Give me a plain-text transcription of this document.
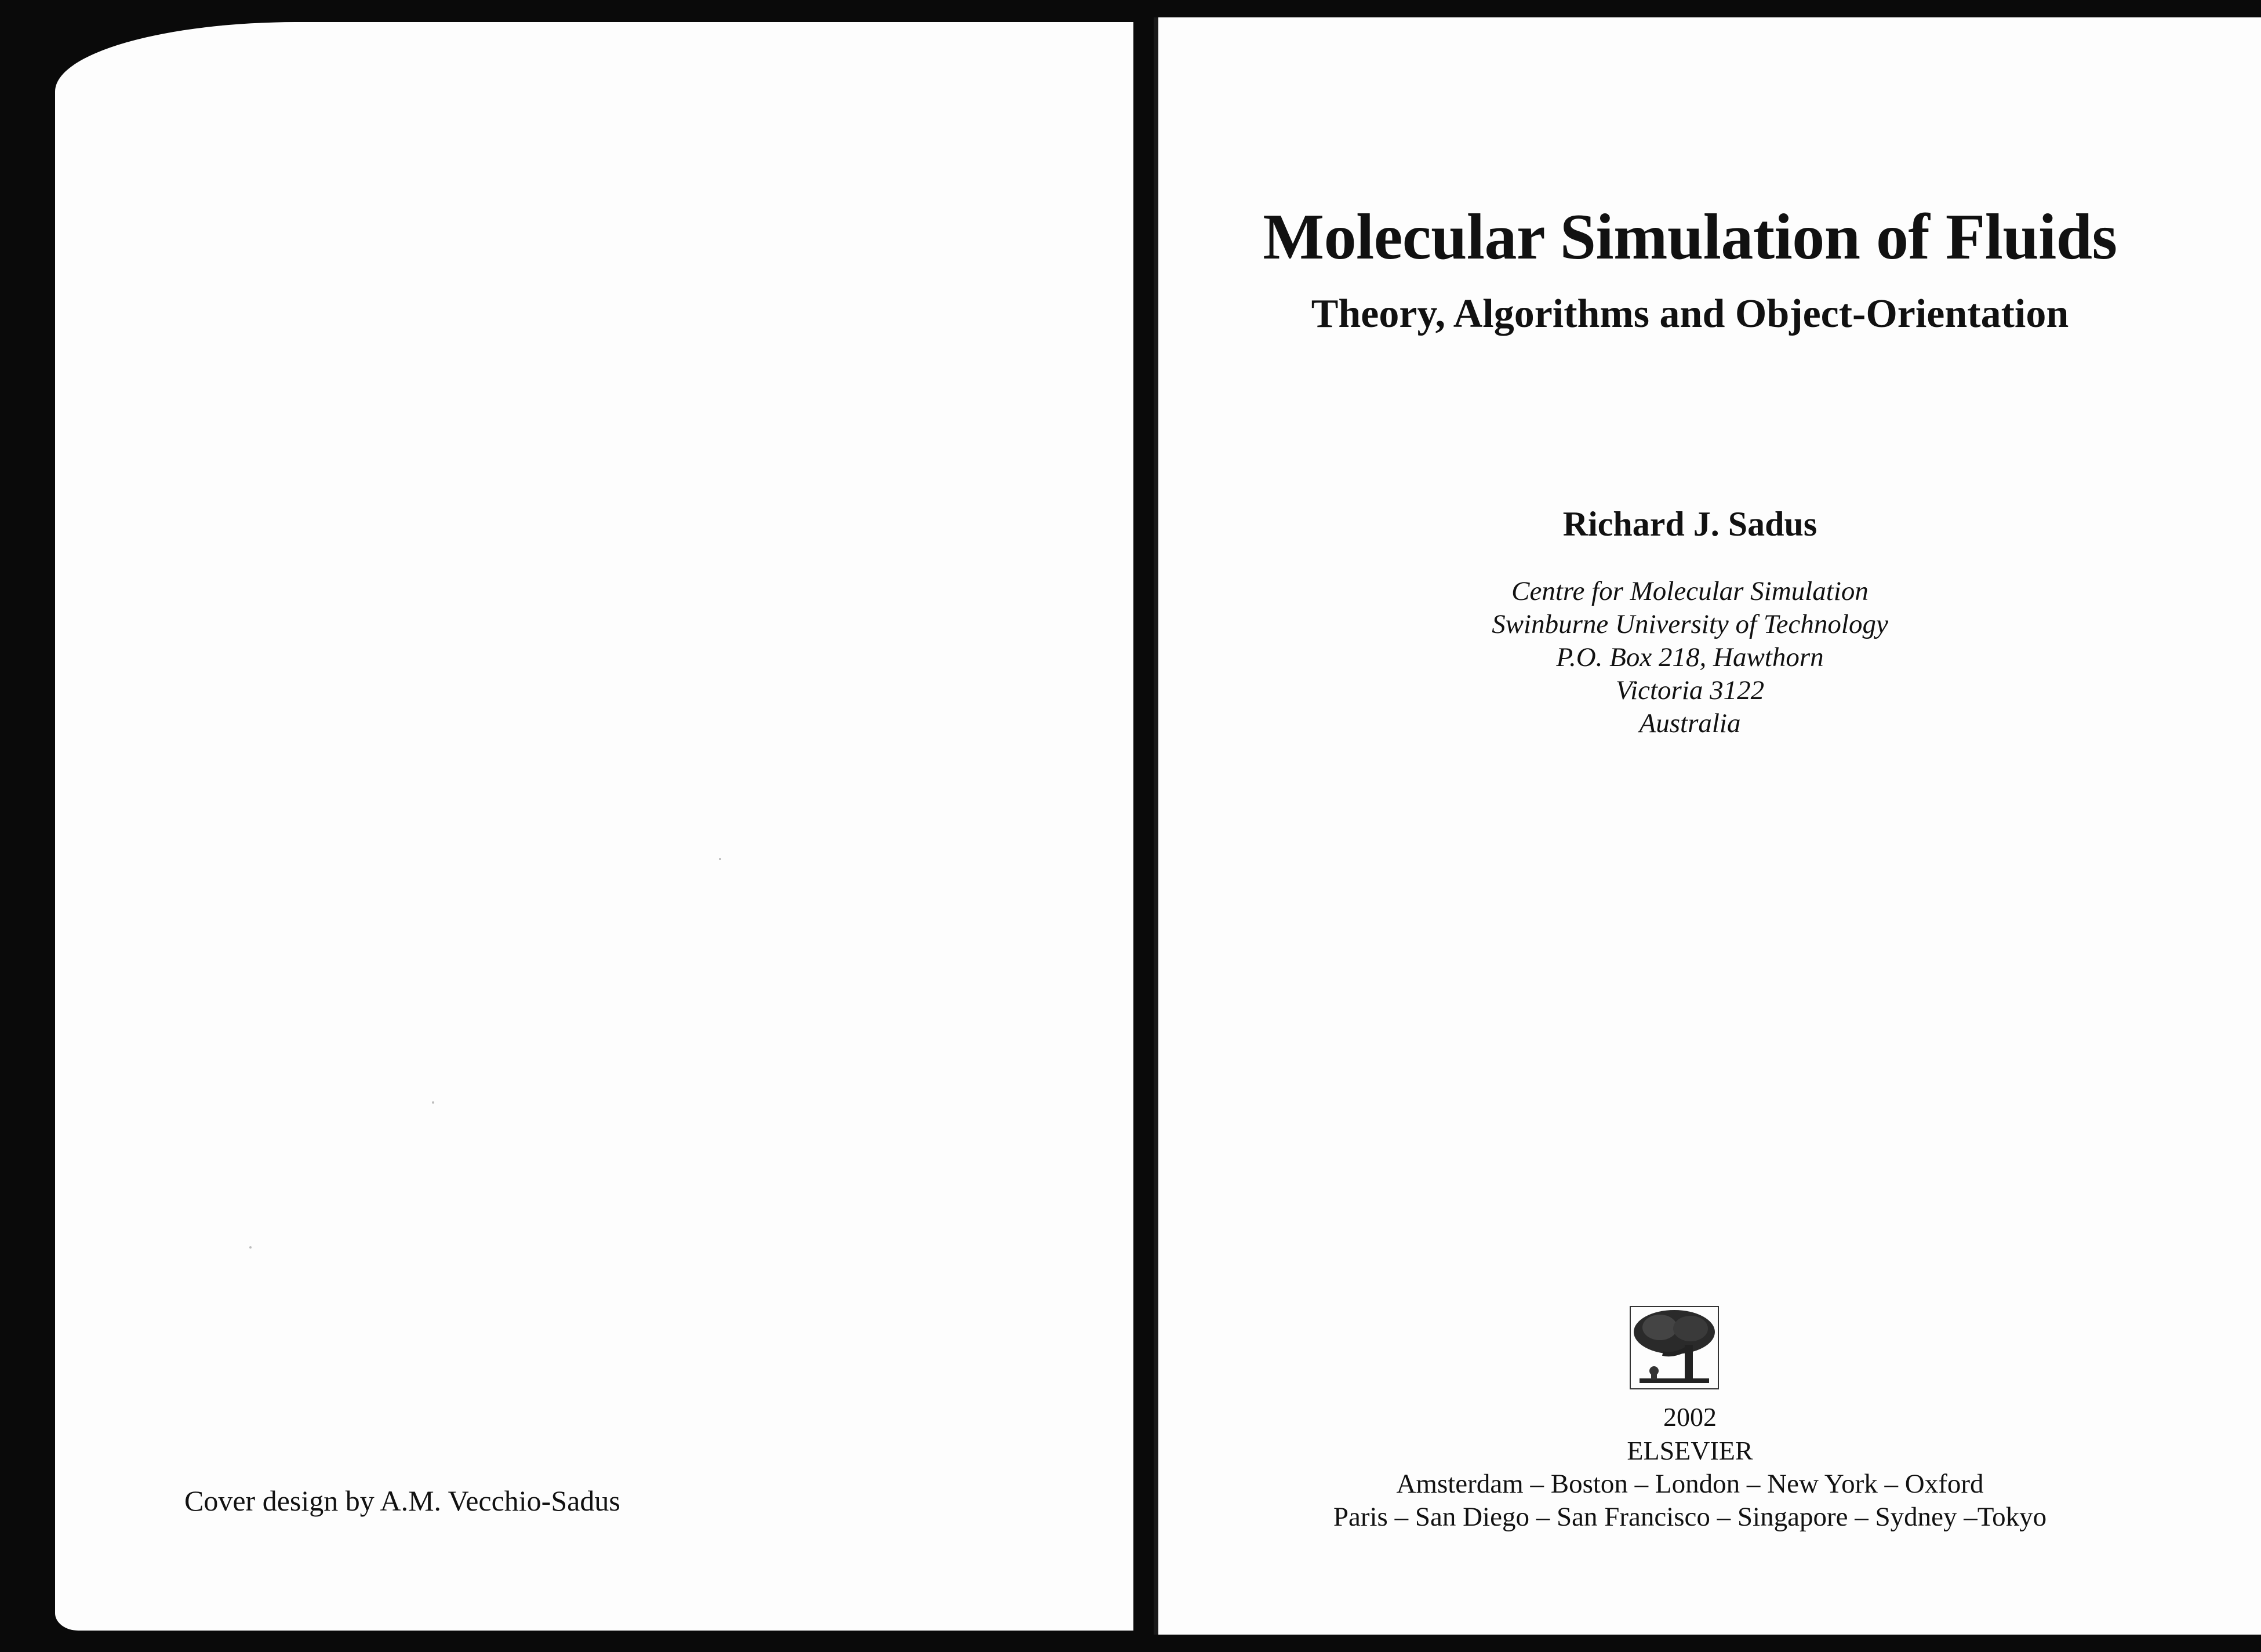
Cover design by A.M. Vecchio-Sadus
Molecular Simulation of Fluids
Theory, Algorithms and Object-Orientation
Richard J. Sadus
Centre for Molecular Simulation
Swinburne University of Technology
P.O. Box 218, Hawthorn
Victoria 3122
Australia
2002
ELSEVIER
Amsterdam – Boston – London – New York – Oxford
Paris – San Diego – San Francisco – Singapore – Sydney –Tokyo
